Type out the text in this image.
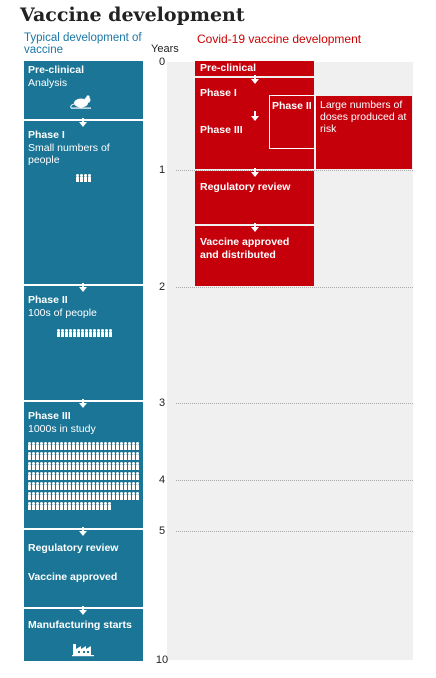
Vaccine development
Typical development of vaccine
Covid-19 vaccine development
Years
0
1
2
3
4
5
10
Pre-clinical
Analysis
Phase I
Small numbers of people
Phase II
100s of people
Phase III
1000s in study
Regulatory review
Vaccine approved
Manufacturing starts
Pre-clinical
Phase I
Phase III
Phase II Large numbers of doses produced at risk
Regulatory review
Vaccine approved and distributed
